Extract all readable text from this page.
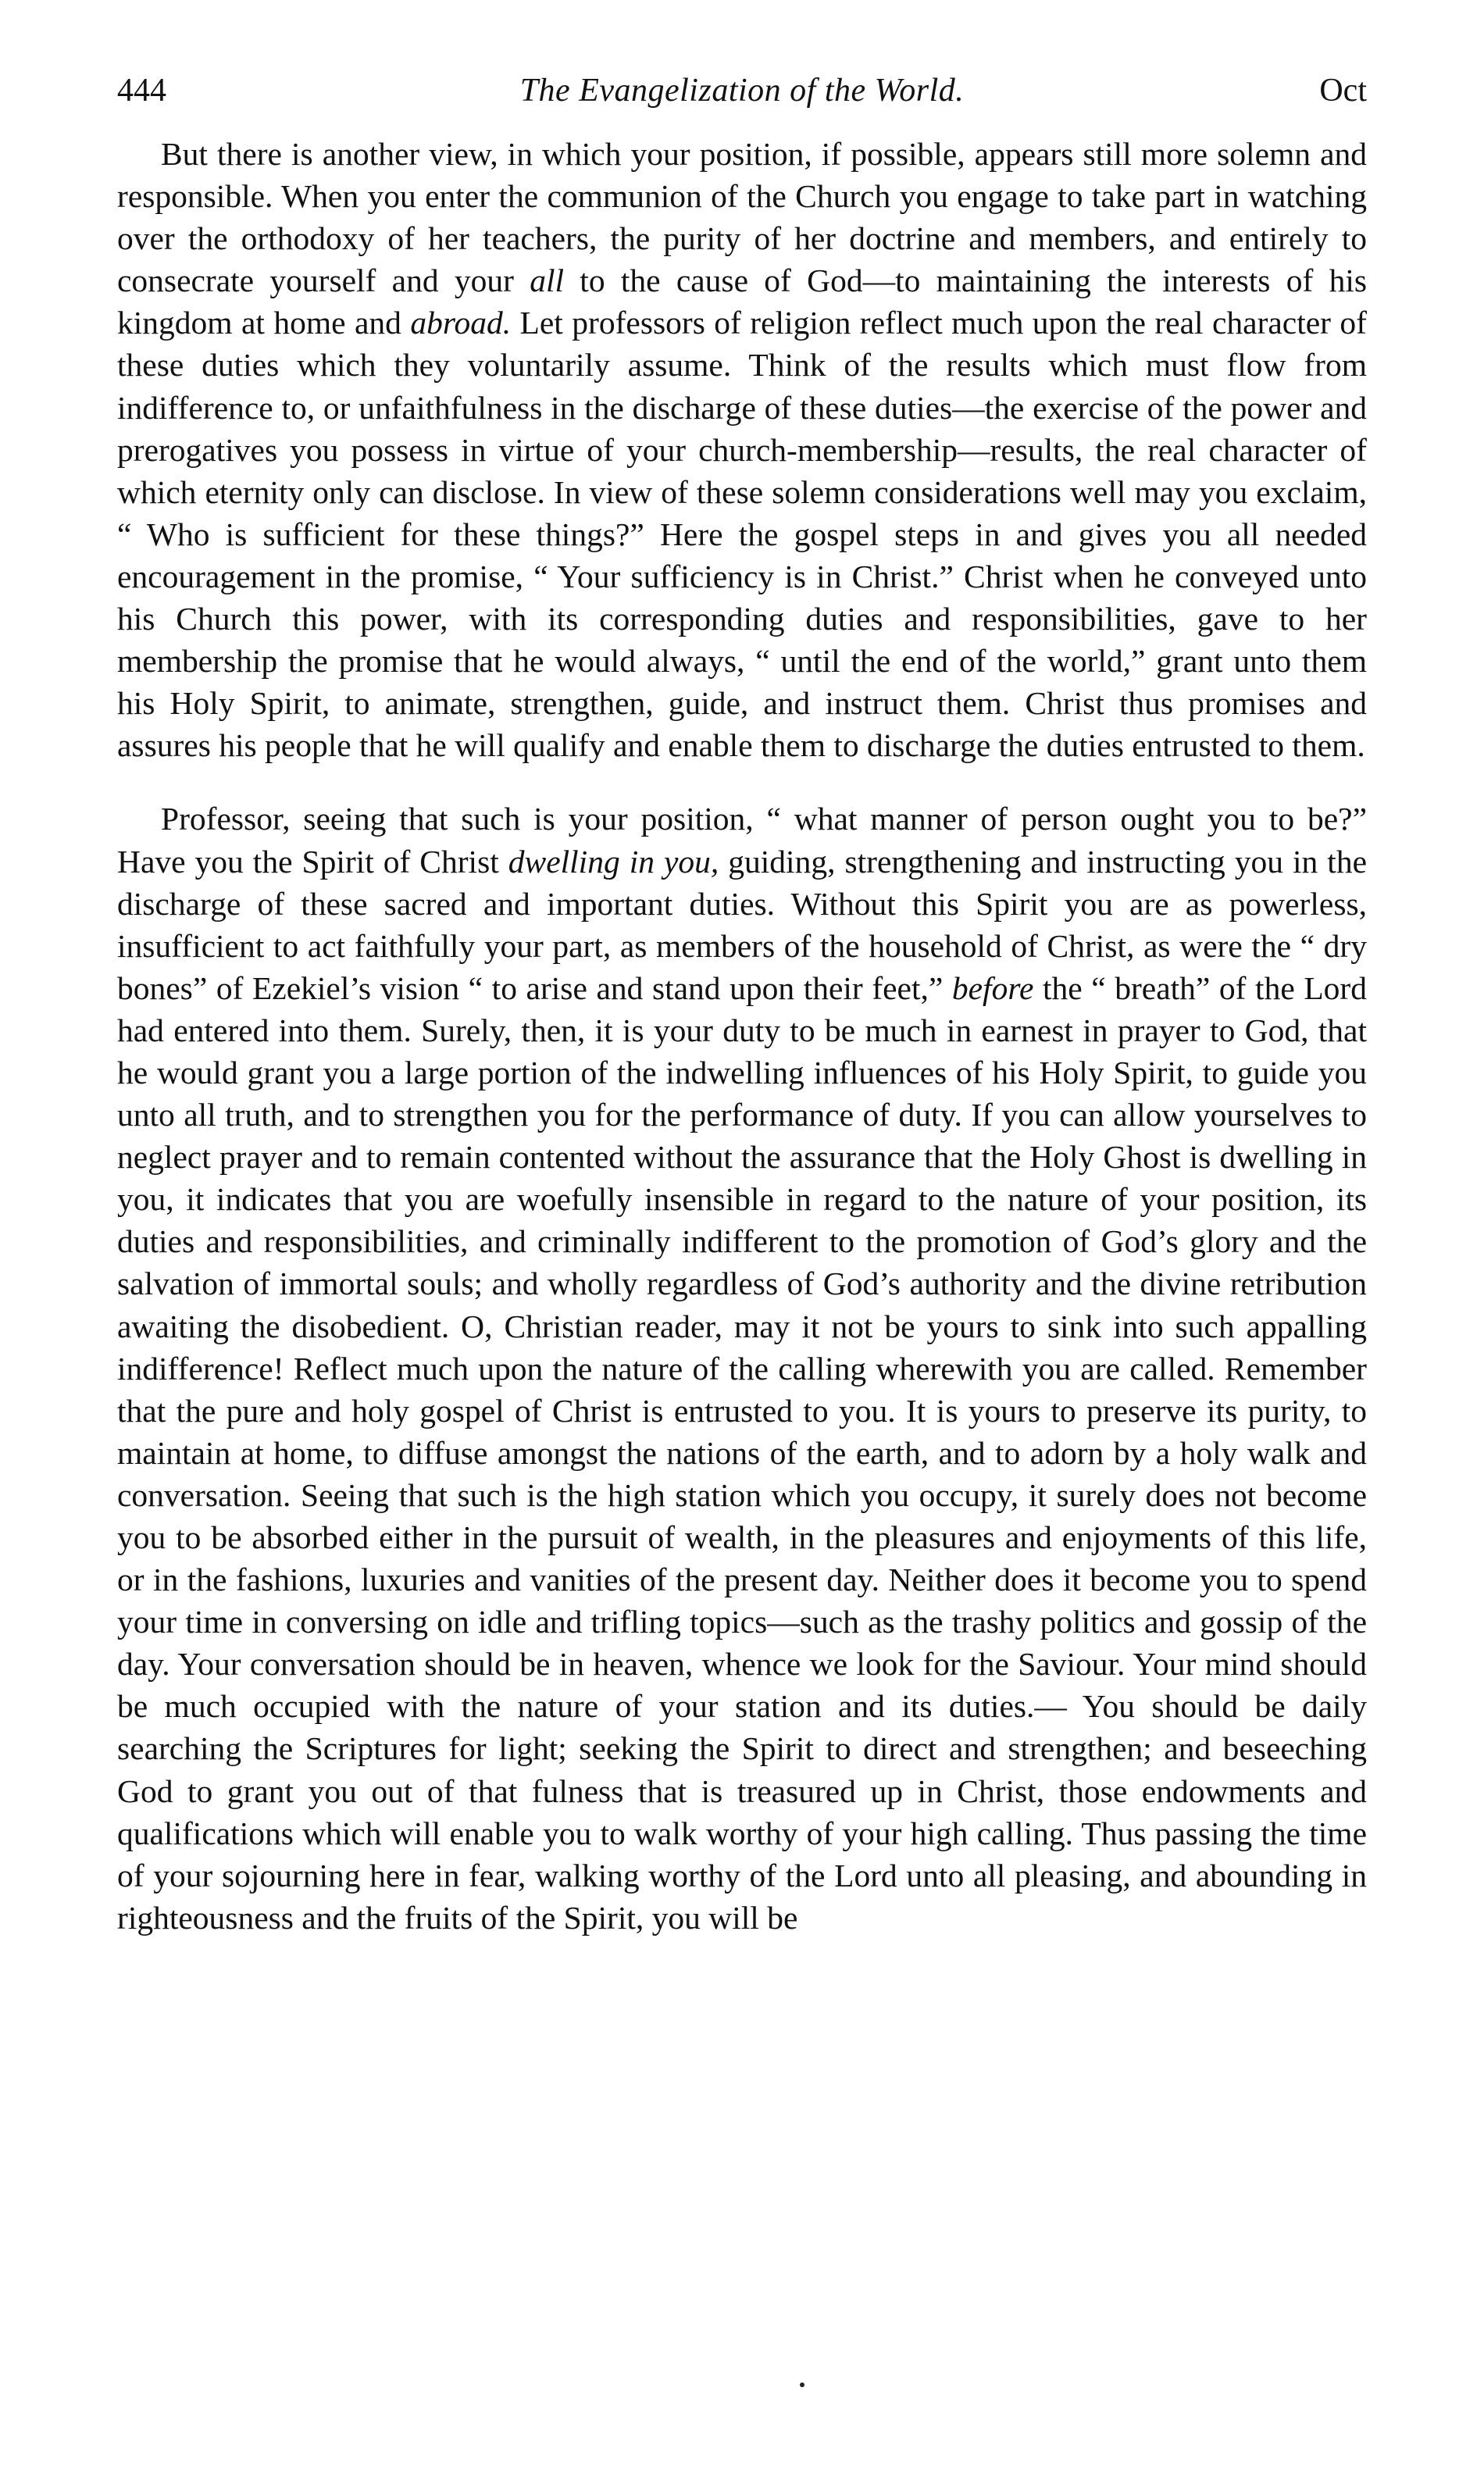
444	The Evangelization of the World.	Oct

But there is another view, in which your position, if possible, appears still more solemn and responsible. When you enter the communion of the Church you engage to take part in watching over the orthodoxy of her teachers, the purity of her doctrine and members, and entirely to consecrate yourself and your all to the cause of God—to maintaining the interests of his kingdom at home and abroad. Let professors of religion reflect much upon the real character of these duties which they voluntarily assume. Think of the results which must flow from indifference to, or unfaithfulness in the discharge of these duties—the exercise of the power and prerogatives you possess in virtue of your church-membership—results, the real character of which eternity only can disclose. In view of these solemn considerations well may you exclaim, “ Who is sufficient for these things?” Here the gospel steps in and gives you all needed encouragement in the promise, “ Your sufficiency is in Christ.” Christ when he conveyed unto his Church this power, with its corresponding duties and responsibilities, gave to her membership the promise that he would always, “ until the end of the world,” grant unto them his Holy Spirit, to animate, strengthen, guide, and instruct them. Christ thus promises and assures his people that he will qualify and enable them to discharge the duties entrusted to them.

Professor, seeing that such is your position, “ what manner of person ought you to be?” Have you the Spirit of Christ dwelling in you, guiding, strengthening and instructing you in the discharge of these sacred and important duties. Without this Spirit you are as powerless, insufficient to act faithfully your part, as members of the household of Christ, as were the “ dry bones” of Ezekiel’s vision “ to arise and stand upon their feet,” before the “ breath” of the Lord had entered into them. Surely, then, it is your duty to be much in earnest in prayer to God, that he would grant you a large portion of the indwelling influences of his Holy Spirit, to guide you unto all truth, and to strengthen you for the performance of duty. If you can allow yourselves to neglect prayer and to remain contented without the assurance that the Holy Ghost is dwelling in you, it indicates that you are woefully insensible in regard to the nature of your position, its duties and responsibilities, and criminally indifferent to the promotion of God’s glory and the salvation of immortal souls; and wholly regardless of God’s authority and the divine retribution awaiting the disobedient. O, Christian reader, may it not be yours to sink into such appalling indifference! Reflect much upon the nature of the calling wherewith you are called. Remember that the pure and holy gospel of Christ is entrusted to you. It is yours to preserve its purity, to maintain at home, to diffuse amongst the nations of the earth, and to adorn by a holy walk and conversation. Seeing that such is the high station which you occupy, it surely does not become you to be absorbed either in the pursuit of wealth, in the pleasures and enjoyments of this life, or in the fashions, luxuries and vanities of the present day. Neither does it become you to spend your time in conversing on idle and trifling topics—such as the trashy politics and gossip of the day. Your conversation should be in heaven, whence we look for the Saviour. Your mind should be much occupied with the nature of your station and its duties.— You should be daily searching the Scriptures for light; seeking the Spirit to direct and strengthen; and beseeching God to grant you out of that fulness that is treasured up in Christ, those endowments and qualifications which will enable you to walk worthy of your high calling. Thus passing the time of your sojourning here in fear, walking worthy of the Lord unto all pleasing, and abounding in righteousness and the fruits of the Spirit, you will be
